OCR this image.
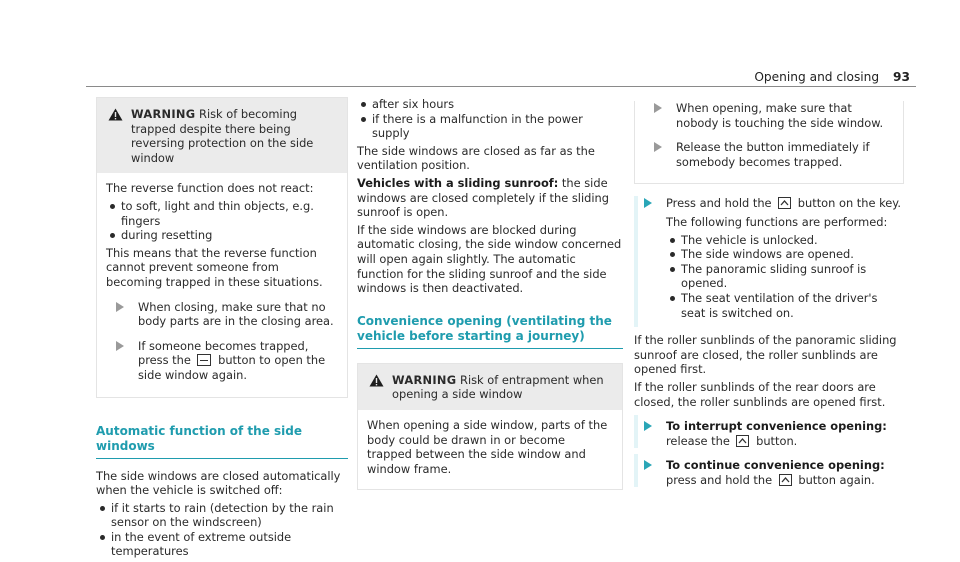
Opening and closing 93
WARNING Risk of becoming trapped despite there being reversing protection on the side window

The reverse function does not react:

to soft, light and thin objects, e.g. fingers
during resetting

This means that the reverse function cannot prevent someone from becoming trapped in these situations.

When closing, make sure that no body parts are in the closing area.
If someone becomes trapped, press the button to open the side window again.
Automatic function of the side windows

The side windows are closed automatically when the vehicle is switched off:

if it starts to rain (detection by the rain sensor on the windscreen)
in the event of extreme outside temperatures
after six hours
if there is a malfunction in the power supply

The side windows are closed as far as the ventilation position.

Vehicles with a sliding sunroof: the side windows are closed completely if the sliding sunroof is open.

If the side windows are blocked during automatic closing, the side window concerned will open again slightly. The automatic function for the sliding sunroof and the side windows is then deactivated.

Convenience opening (ventilating the vehicle before starting a journey)
WARNING Risk of entrapment when opening a side window

When opening a side window, parts of the body could be drawn in or become trapped between the side window and window frame.

When opening, make sure that nobody is touching the side window.
Release the button immediately if somebody becomes trapped.
Press and hold the button on the key.

The following functions are performed:

The vehicle is unlocked.
The side windows are opened.
The panoramic sliding sunroof is opened.
The seat ventilation of the driver's seat is switched on.

If the roller sunblinds of the panoramic sliding sunroof are closed, the roller sunblinds are opened first.

If the roller sunblinds of the rear doors are closed, the roller sunblinds are opened first.

To interrupt convenience opening: release the button.
To continue convenience opening: press and hold the button again.
